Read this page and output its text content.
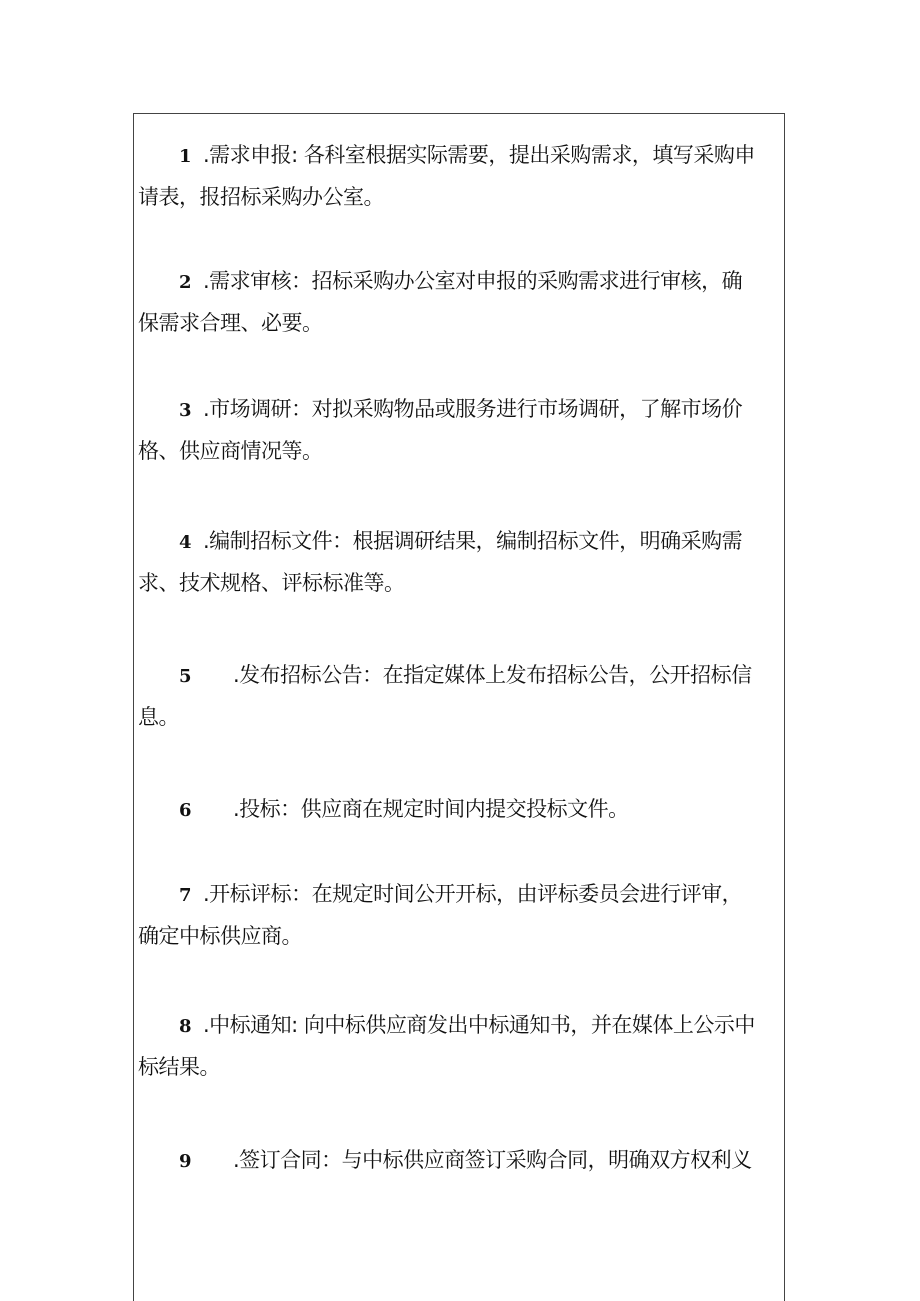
1 .需求申报: 各科室根据实际需要，提出采购需求，填写采购申
请表，报招标采购办公室。
2 .需求审核：招标采购办公室对申报的采购需求进行审核，确
保需求合理、必要。
3 .市场调研：对拟采购物品或服务进行市场调研，了解市场价
格、供应商情况等。
4 .编制招标文件：根据调研结果，编制招标文件，明确采购需
求、技术规格、评标标准等。
5 .发布招标公告：在指定媒体上发布招标公告，公开招标信
息。
6 .投标：供应商在规定时间内提交投标文件。
7 .开标评标：在规定时间公开开标，由评标委员会进行评审，
确定中标供应商。
8 .中标通知: 向中标供应商发出中标通知书，并在媒体上公示中
标结果。
9 .签订合同：与中标供应商签订采购合同，明确双方权利义
